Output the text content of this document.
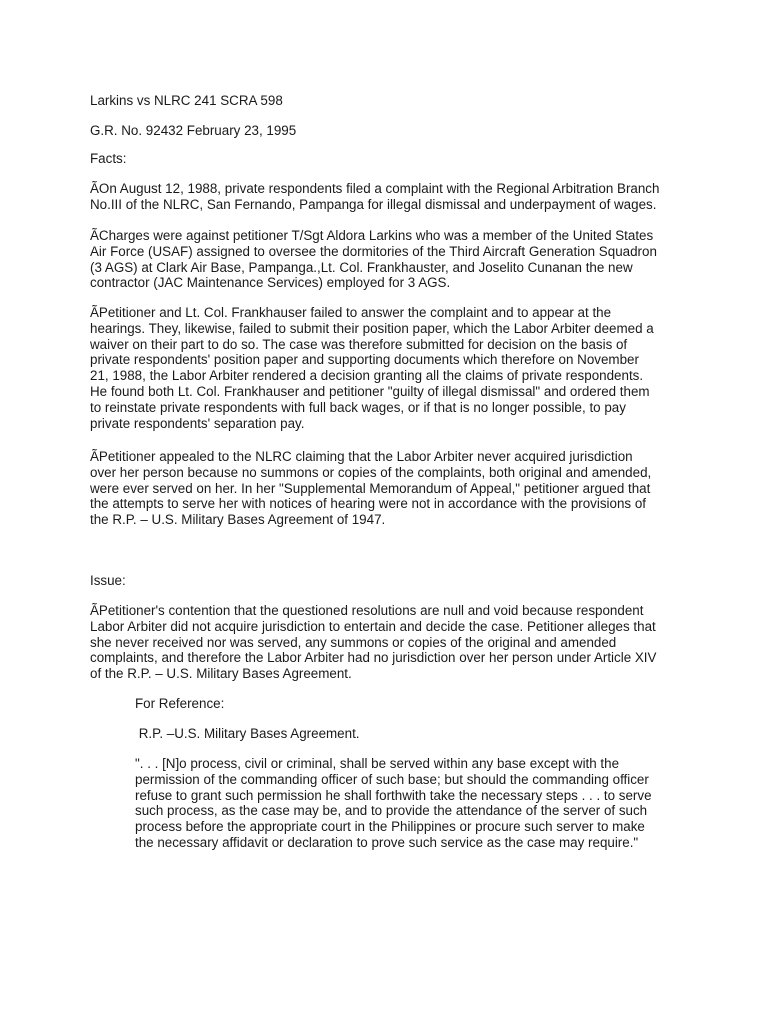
Larkins vs NLRC 241 SCRA 598

G.R. No. 92432 February 23, 1995

Facts:

ÃOn August 12, 1988, private respondents filed a complaint with the Regional Arbitration Branch
No.III of the NLRC, San Fernando, Pampanga for illegal dismissal and underpayment of wages.

ÃCharges were against petitioner T/Sgt Aldora Larkins who was a member of the United States
Air Force (USAF) assigned to oversee the dormitories of the Third Aircraft Generation Squadron
(3 AGS) at Clark Air Base, Pampanga.,Lt. Col. Frankhauster, and Joselito Cunanan the new
contractor (JAC Maintenance Services) employed for 3 AGS.

ÃPetitioner and Lt. Col. Frankhauser failed to answer the complaint and to appear at the
hearings. They, likewise, failed to submit their position paper, which the Labor Arbiter deemed a
waiver on their part to do so. The case was therefore submitted for decision on the basis of
private respondents' position paper and supporting documents which therefore on November
21, 1988, the Labor Arbiter rendered a decision granting all the claims of private respondents.
He found both Lt. Col. Frankhauser and petitioner "guilty of illegal dismissal" and ordered them
to reinstate private respondents with full back wages, or if that is no longer possible, to pay
private respondents' separation pay.

ÃPetitioner appealed to the NLRC claiming that the Labor Arbiter never acquired jurisdiction
over her person because no summons or copies of the complaints, both original and amended,
were ever served on her. In her "Supplemental Memorandum of Appeal," petitioner argued that
the attempts to serve her with notices of hearing were not in accordance with the provisions of
the R.P. – U.S. Military Bases Agreement of 1947.

Issue:

ÃPetitioner's contention that the questioned resolutions are null and void because respondent
Labor Arbiter did not acquire jurisdiction to entertain and decide the case. Petitioner alleges that
she never received nor was served, any summons or copies of the original and amended
complaints, and therefore the Labor Arbiter had no jurisdiction over her person under Article XIV
of the R.P. – U.S. Military Bases Agreement.

For Reference:

R.P. –U.S. Military Bases Agreement.

". . . [N]o process, civil or criminal, shall be served within any base except with the
permission of the commanding officer of such base; but should the commanding officer
refuse to grant such permission he shall forthwith take the necessary steps . . . to serve
such process, as the case may be, and to provide the attendance of the server of such
process before the appropriate court in the Philippines or procure such server to make
the necessary affidavit or declaration to prove such service as the case may require."
